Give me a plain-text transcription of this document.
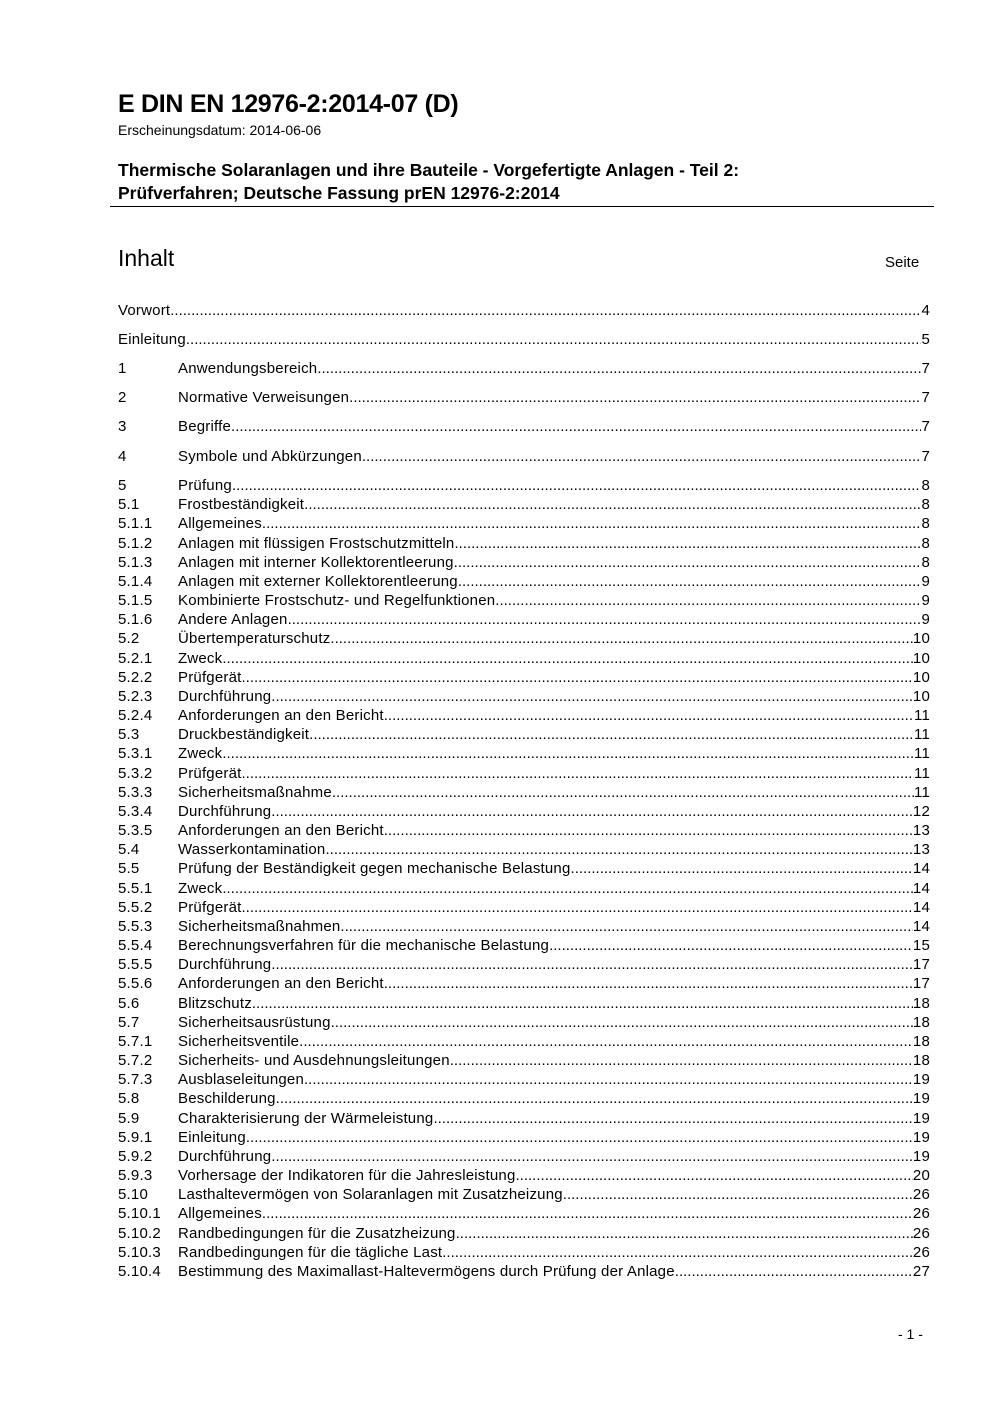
E DIN EN 12976-2:2014-07 (D)
Erscheinungsdatum: 2014-06-06
Thermische Solaranlagen und ihre Bauteile - Vorgefertigte Anlagen - Teil 2:
Prüfverfahren; Deutsche Fassung prEN 12976-2:2014
Inhalt	Seite
Vorwort .....	4
Einleitung .....	5
1	Anwendungsbereich .....	7
2	Normative Verweisungen .....	7
3	Begriffe .....	7
4	Symbole und Abkürzungen .....	7
5	Prüfung .....	8
5.1	Frostbeständigkeit .....	8
5.1.1	Allgemeines .....	8
5.1.2	Anlagen mit flüssigen Frostschutzmitteln .....	8
5.1.3	Anlagen mit interner Kollektorentleerung .....	8
5.1.4	Anlagen mit externer Kollektorentleerung .....	9
5.1.5	Kombinierte Frostschutz- und Regelfunktionen .....	9
5.1.6	Andere Anlagen .....	9
5.2	Übertemperaturschutz .....	10
5.2.1	Zweck .....	10
5.2.2	Prüfgerät .....	10
5.2.3	Durchführung .....	10
5.2.4	Anforderungen an den Bericht .....	11
5.3	Druckbeständigkeit .....	11
5.3.1	Zweck .....	11
5.3.2	Prüfgerät .....	11
5.3.3	Sicherheitsmaßnahme .....	11
5.3.4	Durchführung .....	12
5.3.5	Anforderungen an den Bericht .....	13
5.4	Wasserkontamination .....	13
5.5	Prüfung der Beständigkeit gegen mechanische Belastung .....	14
5.5.1	Zweck .....	14
5.5.2	Prüfgerät .....	14
5.5.3	Sicherheitsmaßnahmen .....	14
5.5.4	Berechnungsverfahren für die mechanische Belastung .....	15
5.5.5	Durchführung .....	17
5.5.6	Anforderungen an den Bericht .....	17
5.6	Blitzschutz .....	18
5.7	Sicherheitsausrüstung .....	18
5.7.1	Sicherheitsventile .....	18
5.7.2	Sicherheits- und Ausdehnungsleitungen .....	18
5.7.3	Ausblaseleitungen .....	19
5.8	Beschilderung .....	19
5.9	Charakterisierung der Wärmeleistung .....	19
5.9.1	Einleitung .....	19
5.9.2	Durchführung .....	19
5.9.3	Vorhersage der Indikatoren für die Jahresleistung .....	20
5.10	Lasthaltevermögen von Solaranlagen mit Zusatzheizung .....	26
5.10.1	Allgemeines .....	26
5.10.2	Randbedingungen für die Zusatzheizung .....	26
5.10.3	Randbedingungen für die tägliche Last .....	26
5.10.4	Bestimmung des Maximallast-Haltevermögens durch Prüfung der Anlage .....	27
- 1 -
